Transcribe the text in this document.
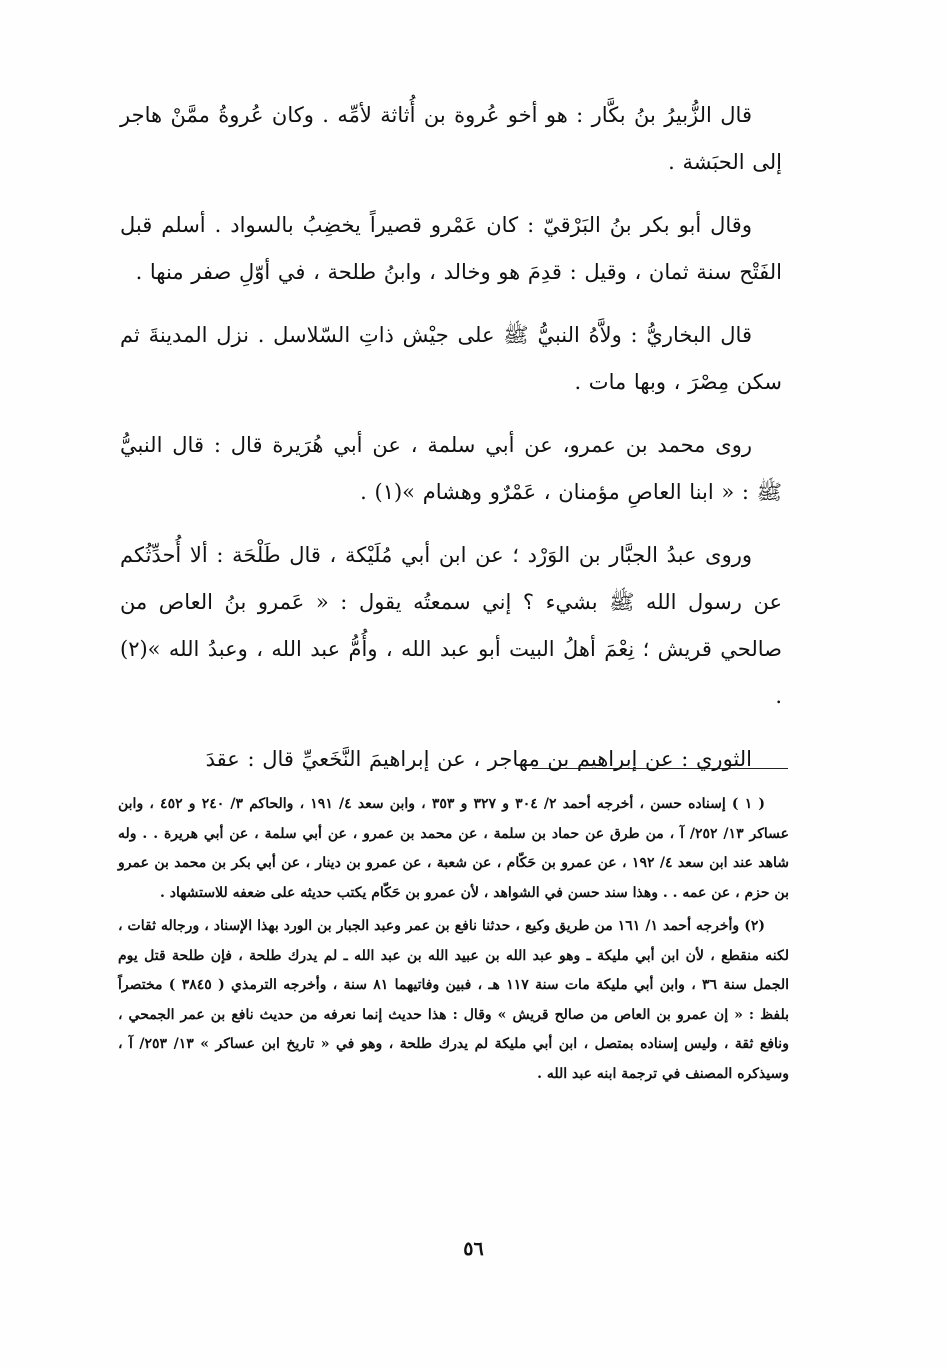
قال الزُّبيرُ بنُ بكَّار : هو أخو عُروة بن أُثاثة لأمِّه . وكان عُروةُ ممَّنْ هاجر إلى الحبَشة .

وقال أبو بكر بنُ البَرْقيّ : كان عَمْرو قصيراً يخضِبُ بالسواد . أسلم قبل الفَتْح سنة ثمان ، وقيل : قدِمَ هو وخالد ، وابنُ طلحة ، في أوّلِ صفر منها .

قال البخاريُّ : ولاَّهُ النبيُّ ﷺ على جيْش ذاتِ السّلاسل . نزل المدينةَ ثم سكن مِصْرَ ، وبها مات .

روى محمد بن عمرو، عن أبي سلمة ، عن أبي هُرَيرة قال : قال النبيُّ ﷺ : « ابنا العاصِ مؤمنان ، عَمْرٌو وهشام »(١) .

وروى عبدُ الجبَّار بن الوَرْد ؛ عن ابن أبي مُلَيْكة ، قال طَلْحَة : ألا أُحدِّثُكم عن رسول الله ﷺ بشيء ؟ إني سمعتُه يقول : « عَمرو بنُ العاص من صالحي قريش ؛ نِعْمَ أهلُ البيت أبو عبد الله ، وأُمُّ عبد الله ، وعبدُ الله »(٢) .

الثوري : عن إبراهيم بن مهاجر ، عن إبراهيمَ النَّخَعيِّ قال : عقدَ

( ١ ) إسناده حسن ، أخرجه أحمد ٢/ ٣٠٤ و ٣٢٧ و ٣٥٣ ، وابن سعد ٤/ ١٩١ ، والحاكم ٣/ ٢٤٠ و ٤٥٢ ، وابن عساكر ١٣/ ٢٥٢/ آ ، من طرق عن حماد بن سلمة ، عن محمد بن عمرو ، عن أبي سلمة ، عن أبي هريرة . . وله شاهد عند ابن سعد ٤/ ١٩٢ ، عن عمرو بن حَكّام ، عن شعبة ، عن عمرو بن دينار ، عن أبي بكر بن محمد بن عمرو بن حزم ، عن عمه . . وهذا سند حسن في الشواهد ، لأن عمرو بن حَكّام يكتب حديثه على ضعفه للاستشهاد .

(٢) وأخرجه أحمد ١/ ١٦١ من طريق وكيع ، حدثنا نافع بن عمر وعبد الجبار بن الورد بهذا الإسناد ، ورجاله ثقات ، لكنه منقطع ، لأن ابن أبي مليكة ـ وهو عبد الله بن عبيد الله بن عبد الله ـ لم يدرك طلحة ، فإن طلحة قتل يوم الجمل سنة ٣٦ ، وابن أبي مليكة مات سنة ١١٧ هـ ، فبين وفاتيهما ٨١ سنة ، وأخرجه الترمذي ( ٣٨٤٥ ) مختصراً بلفظ : « إن عمرو بن العاص من صالح قريش » وقال : هذا حديث إنما نعرفه من حديث نافع بن عمر الجمحي ، ونافع ثقة ، وليس إسناده بمتصل ، ابن أبي مليكة لم يدرك طلحة ، وهو في « تاريخ ابن عساكر » ١٣/ ٢٥٣/ آ ، وسيذكره المصنف في ترجمة ابنه عبد الله .

٥٦
